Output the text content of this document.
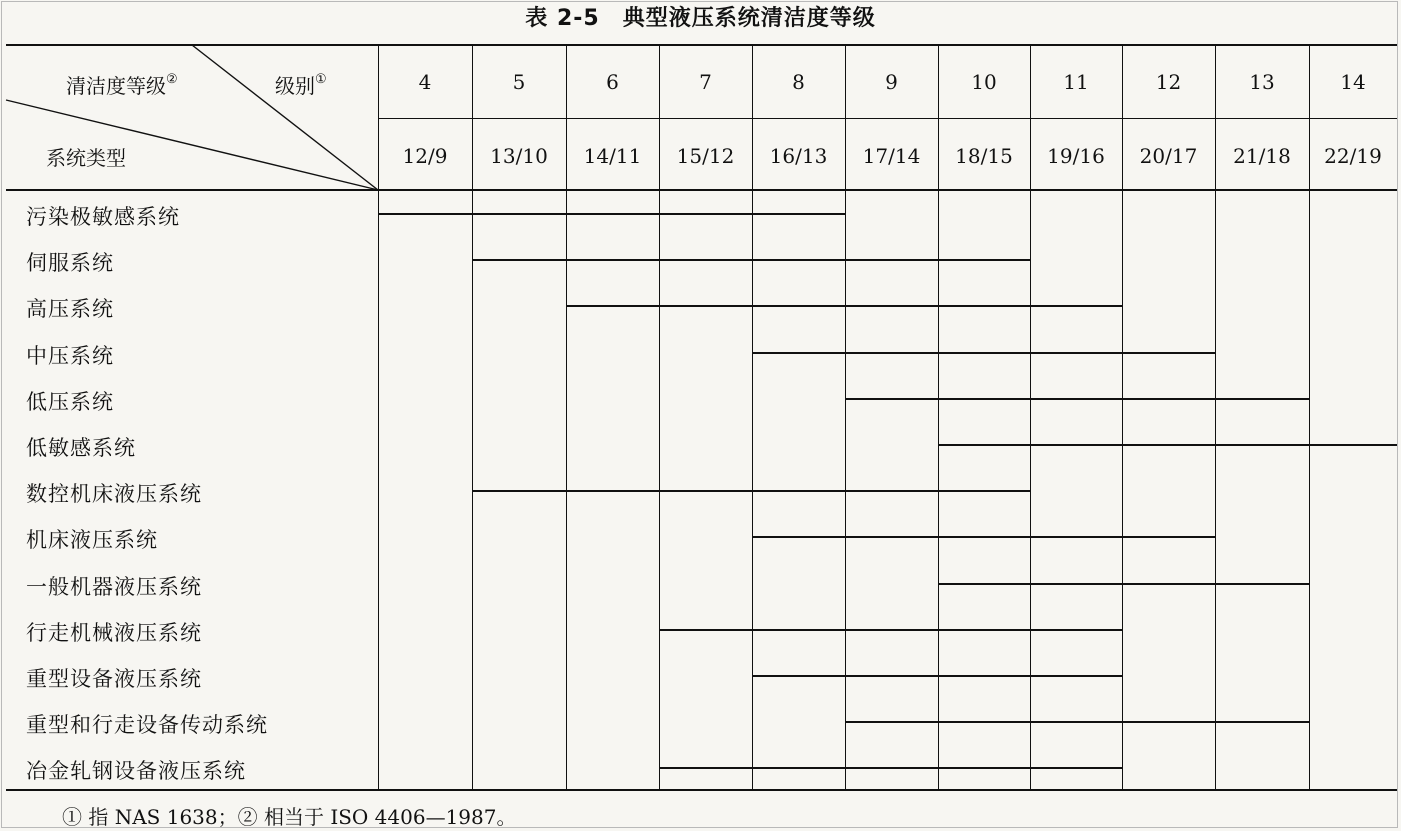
表 2-5　典型液压系统清洁度等级
清洁度等级②	级别①
系统类型
4
12/9
5
13/10
6
14/11
7
15/12
8
16/13
9
17/14
10
18/15
11
19/16
12
20/17
13
21/18
14
22/19
污染极敏感系统
伺服系统
高压系统
中压系统
低压系统
低敏感系统
数控机床液压系统
机床液压系统
一般机器液压系统
行走机械液压系统
重型设备液压系统
重型和行走设备传动系统
冶金轧钢设备液压系统
① 指 NAS 1638；② 相当于 ISO 4406—1987。
